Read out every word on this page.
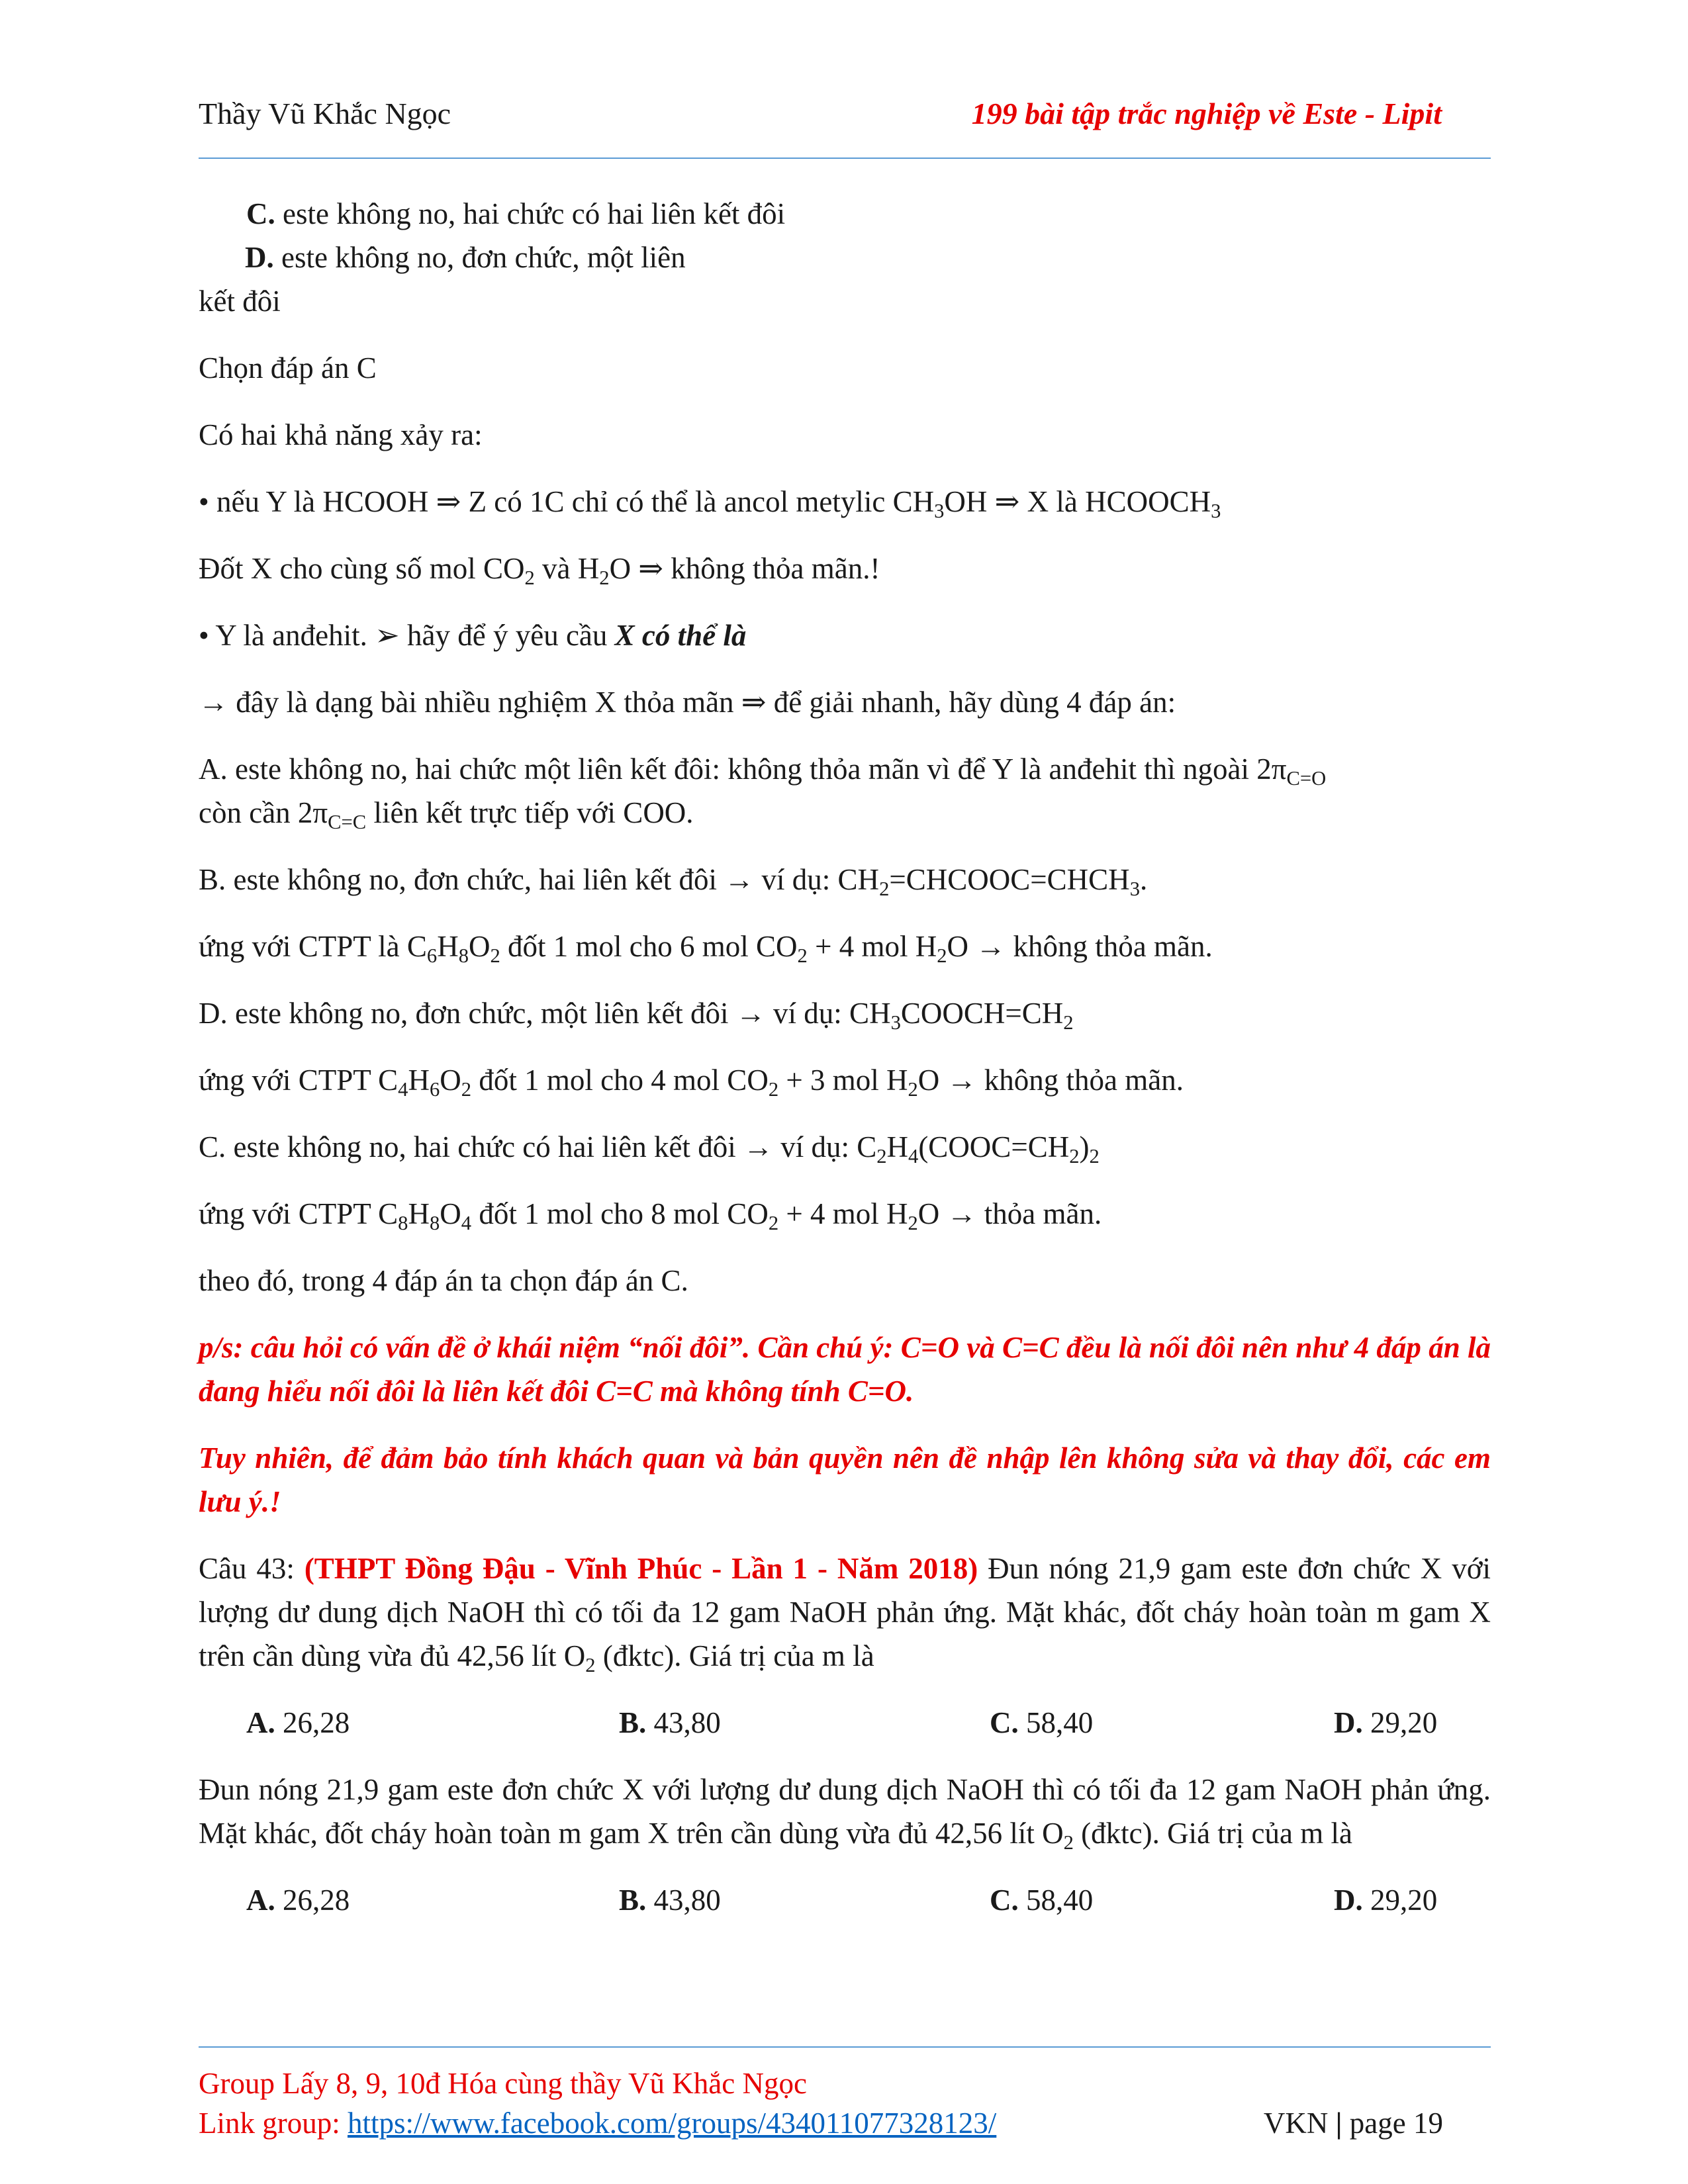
Thầy Vũ Khắc Ngọc	199 bài tập trắc nghiệp về Este - Lipit

C. este không no, hai chức có hai liên kết đôiD. este không no, đơn chức, một liên
kết đôi

Chọn đáp án C

Có hai khả năng xảy ra:

• nếu Y là HCOOH ⇒ Z có 1C chỉ có thể là ancol metylic $CH_3OH$ ⇒ X là $HCOOCH_3$

Đốt X cho cùng số mol $CO_2$ và $H_2O$ ⇒ không thỏa mãn.!

• Y là anđehit. ➢ hãy để ý yêu cầu X có thể là

→ đây là dạng bài nhiều nghiệm X thỏa mãn ⇒ để giải nhanh, hãy dùng 4 đáp án:

A. este không no, hai chức một liên kết đôi: không thỏa mãn vì để Y là anđehit thì ngoài $2\pi_{C=O}$
còn cần $2\pi_{C=C}$ liên kết trực tiếp với COO.

B. este không no, đơn chức, hai liên kết đôi → ví dụ: $CH_2=CHCOOC=CHCH_3$.

ứng với CTPT là $C_6H_8O_2$ đốt 1 mol cho 6 mol $CO_2 + 4$ mol $H_2O$ → không thỏa mãn.

D. este không no, đơn chức, một liên kết đôi → ví dụ: $CH_3COOCH=CH_2$

ứng với CTPT $C_4H_6O_2$ đốt 1 mol cho 4 mol $CO_2 + 3$ mol $H_2O$ → không thỏa mãn.

C. este không no, hai chức có hai liên kết đôi → ví dụ: $C_2H_4(COOC=CH_2)_2$

ứng với CTPT $C_8H_8O_4$ đốt 1 mol cho 8 mol $CO_2 + 4$ mol $H_2O$ → thỏa mãn.

theo đó, trong 4 đáp án ta chọn đáp án C.

p/s: câu hỏi có vấn đề ở khái niệm “nối đôi”. Cần chú ý: C=O và C=C đều là nối đôi nên như 4 đáp án là đang hiểu nối đôi là liên kết đôi C=C mà không tính C=O.

Tuy nhiên, để đảm bảo tính khách quan và bản quyền nên đề nhập lên không sửa và thay đổi, các em lưu ý.!

Câu 43: (THPT Đồng Đậu - Vĩnh Phúc - Lần 1 - Năm 2018) Đun nóng 21,9 gam este đơn chức X với lượng dư dung dịch NaOH thì có tối đa 12 gam NaOH phản ứng. Mặt khác, đốt cháy hoàn toàn m gam X trên cần dùng vừa đủ 42,56 lít $O_2$ (đktc). Giá trị của m là

A. 26,28	B. 43,80	C. 58,40	D. 29,20

Đun nóng 21,9 gam este đơn chức X với lượng dư dung dịch NaOH thì có tối đa 12 gam NaOH phản ứng. Mặt khác, đốt cháy hoàn toàn m gam X trên cần dùng vừa đủ 42,56 lít $O_2$ (đktc). Giá trị của m là

A. 26,28	B. 43,80	C. 58,40	D. 29,20
Group Lấy 8, 9, 10đ Hóa cùng thầy Vũ Khắc Ngọc
Link group: https://www.facebook.com/groups/434011077328123/	VKN | page 19
